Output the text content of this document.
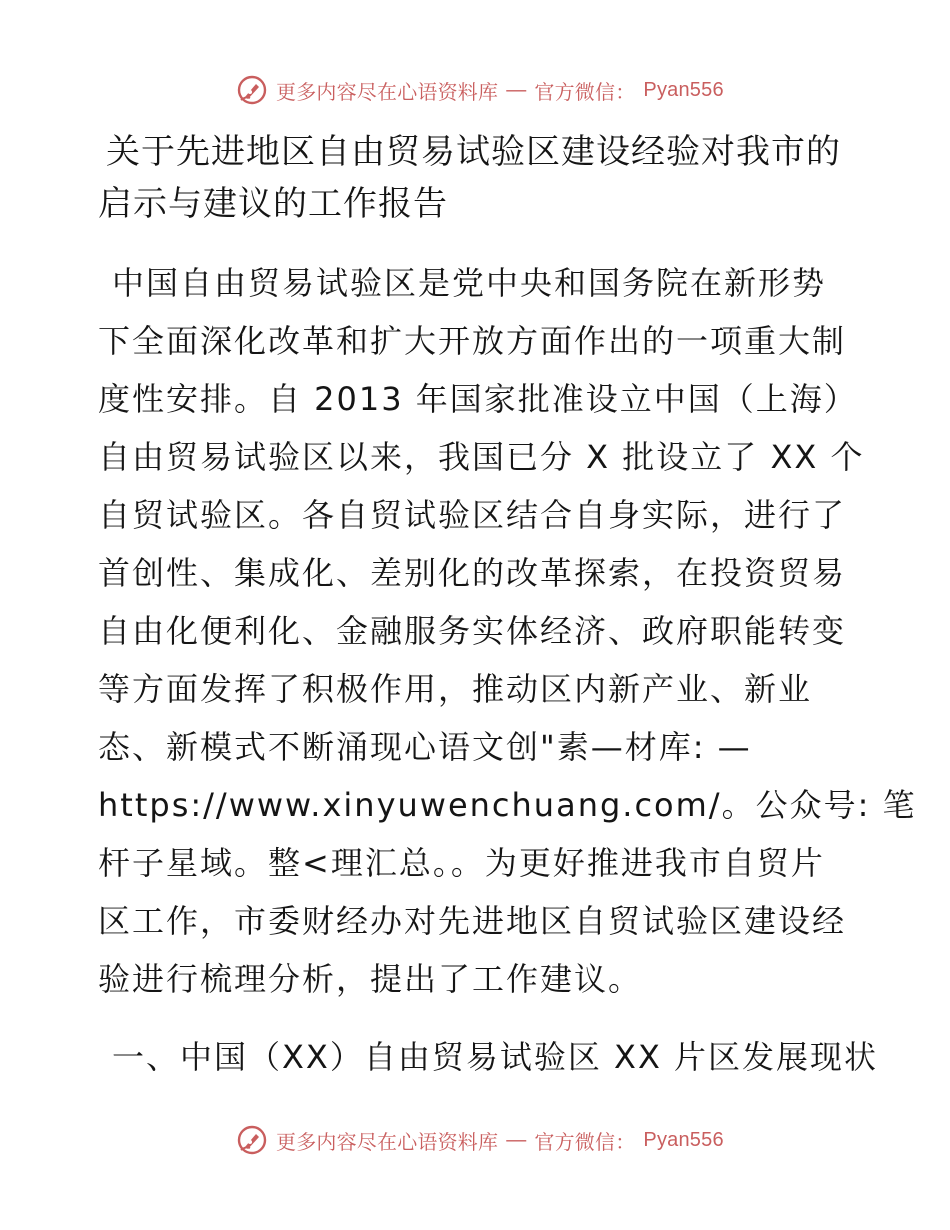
更多内容尽在心语资料库 — 官方微信： Pyan556
关于先进地区自由贸易试验区建设经验对我市的
启示与建议的工作报告
中国自由贸易试验区是党中央和国务院在新形势
下全面深化改革和扩大开放方面作出的一项重大制
度性安排。自 2013 年国家批准设立中国（上海）
自由贸易试验区以来，我国已分 X 批设立了 XX 个
自贸试验区。各自贸试验区结合自身实际，进行了
首创性、集成化、差别化的改革探索，在投资贸易
自由化便利化、金融服务实体经济、政府职能转变
等方面发挥了积极作用，推动区内新产业、新业
态、新模式不断涌现心语文创"素—材库: —
https://www.xinyuwenchuang.com/。公众号: 笔
杆子星域。整<理汇总。。为更好推进我市自贸片
区工作，市委财经办对先进地区自贸试验区建设经
验进行梳理分析，提出了工作建议。
一、中国（XX）自由贸易试验区 XX 片区发展现状
更多内容尽在心语资料库 — 官方微信： Pyan556
